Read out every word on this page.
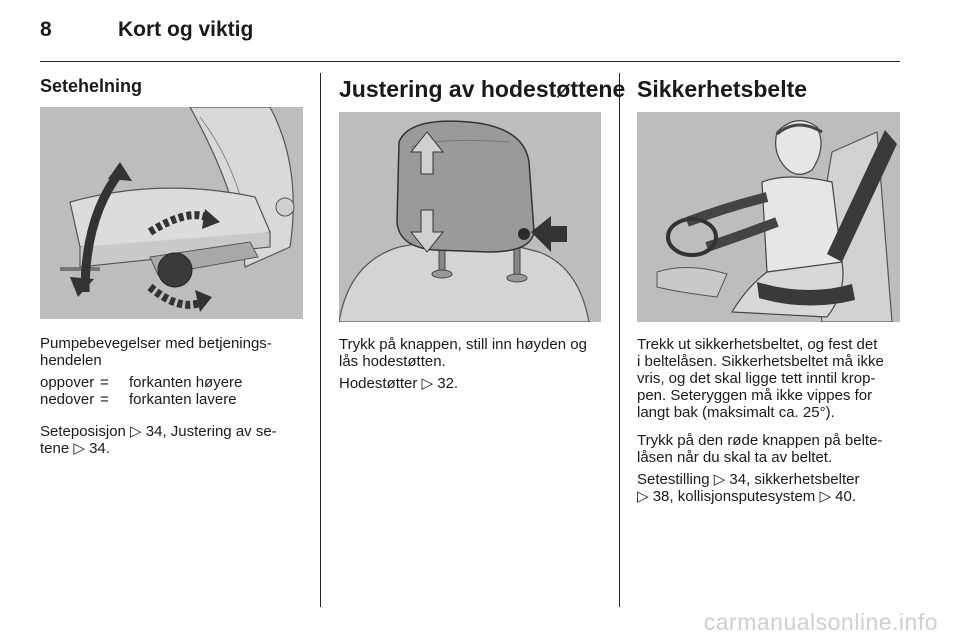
8	Kort og viktig
Setehelning

Pumpebevegelser med betjenings-
hendelen

oppover =	forkanten høyere
nedover =	forkanten lavere

Seteposisjon ▷ 34, Justering av se-
tene ▷ 34.

Justering av hodestøttene

Trykk på knappen, still inn høyden og
lås hodestøtten.

Hodestøtter ▷ 32.

Sikkerhetsbelte

Trekk ut sikkerhetsbeltet, og fest det
i beltelåsen. Sikkerhetsbeltet må ikke
vris, og det skal ligge tett inntil krop-
pen. Seteryggen må ikke vippes for
langt bak (maksimalt ca. 25°).

Trykk på den røde knappen på belte-
låsen når du skal ta av beltet.

Setestilling ▷ 34, sikkerhetsbelter
▷ 38, kollisjonsputesystem ▷ 40.

carmanualsonline.info
